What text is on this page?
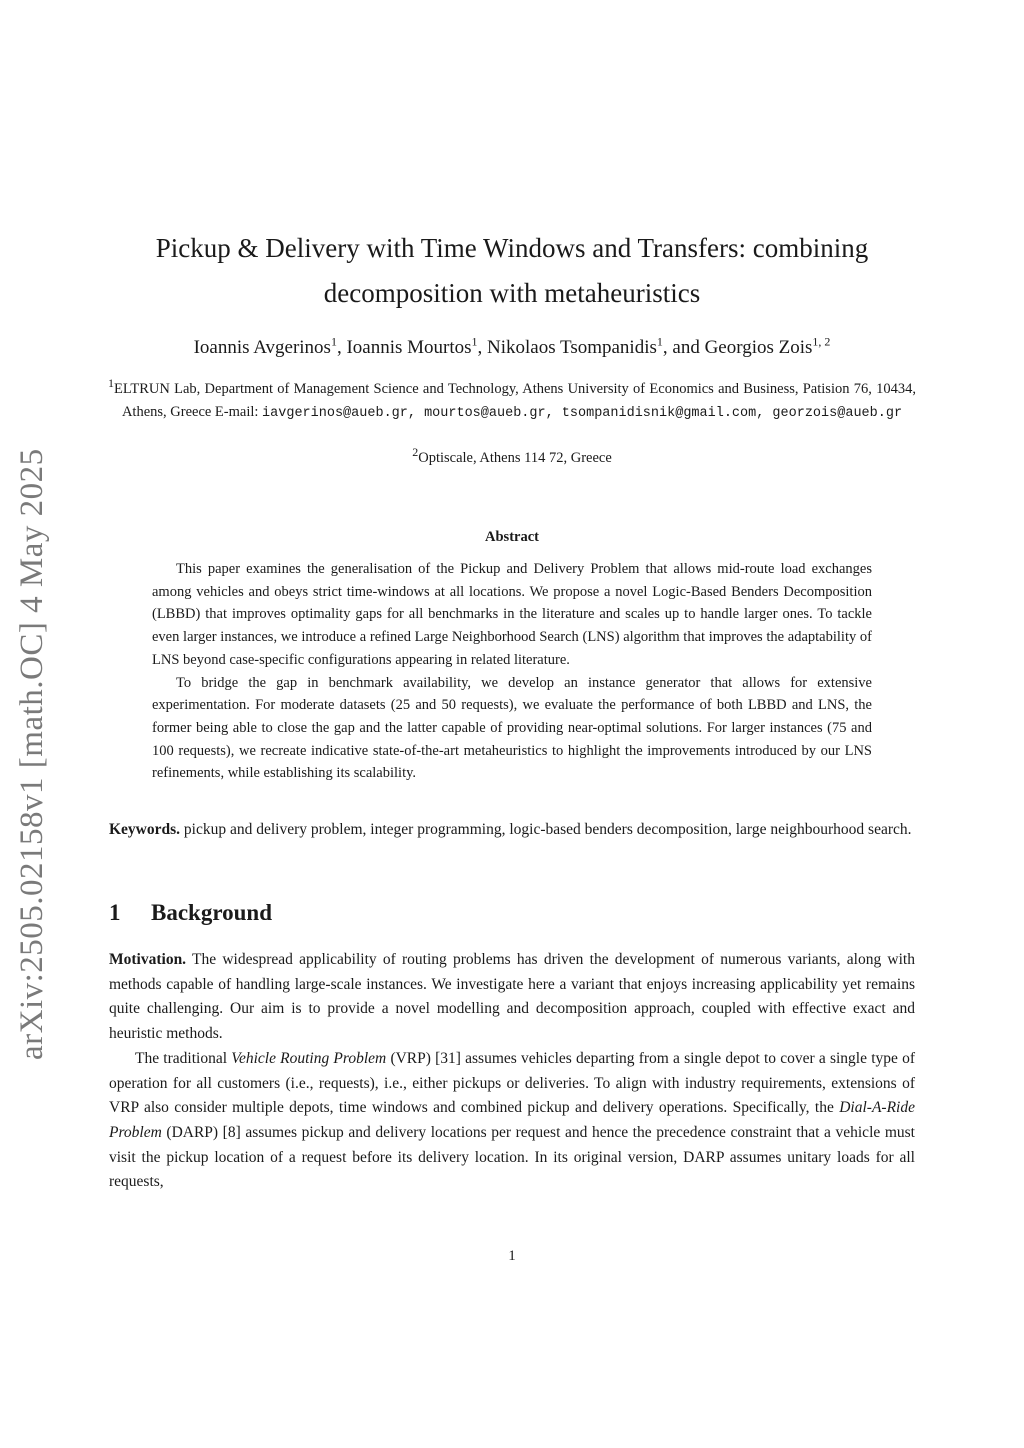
arXiv:2505.02158v1 [math.OC] 4 May 2025
Pickup & Delivery with Time Windows and Transfers: combining
decomposition with metaheuristics
Ioannis Avgerinos$^1$, Ioannis Mourtos$^1$, Nikolaos Tsompanidis$^1$, and Georgios Zois$^{1, 2}$
$^1$ELTRUN Lab, Department of Management Science and Technology, Athens University of Economics and Business, Patision 76, 10434, Athens, Greece E-mail: iavgerinos@aueb.gr, mourtos@aueb.gr, tsompanidisnik@gmail.com, georzois@aueb.gr
$^2$Optiscale, Athens 114 72, Greece
Abstract

This paper examines the generalisation of the Pickup and Delivery Problem that allows mid-route load exchanges among vehicles and obeys strict time-windows at all locations. We propose a novel Logic-Based Benders Decomposition (LBBD) that improves optimality gaps for all benchmarks in the literature and scales up to handle larger ones. To tackle even larger instances, we introduce a refined Large Neighborhood Search (LNS) algorithm that improves the adaptability of LNS beyond case-specific configurations appearing in related literature.

To bridge the gap in benchmark availability, we develop an instance generator that allows for extensive experimentation. For moderate datasets (25 and 50 requests), we evaluate the performance of both LBBD and LNS, the former being able to close the gap and the latter capable of providing near-optimal solutions. For larger instances (75 and 100 requests), we recreate indicative state-of-the-art metaheuristics to highlight the improvements introduced by our LNS refinements, while establishing its scalability.

Keywords. pickup and delivery problem, integer programming, logic-based benders decomposition, large neighbourhood search.
1 Background

Motivation. The widespread applicability of routing problems has driven the development of numerous variants, along with methods capable of handling large-scale instances. We investigate here a variant that enjoys increasing applicability yet remains quite challenging. Our aim is to provide a novel modelling and decomposition approach, coupled with effective exact and heuristic methods.

The traditional Vehicle Routing Problem (VRP) [31] assumes vehicles departing from a single depot to cover a single type of operation for all customers (i.e., requests), i.e., either pickups or deliveries. To align with industry requirements, extensions of VRP also consider multiple depots, time windows and combined pickup and delivery operations. Specifically, the Dial-A-Ride Problem (DARP) [8] assumes pickup and delivery locations per request and hence the precedence constraint that a vehicle must visit the pickup location of a request before its delivery location. In its original version, DARP assumes unitary loads for all requests,

1
